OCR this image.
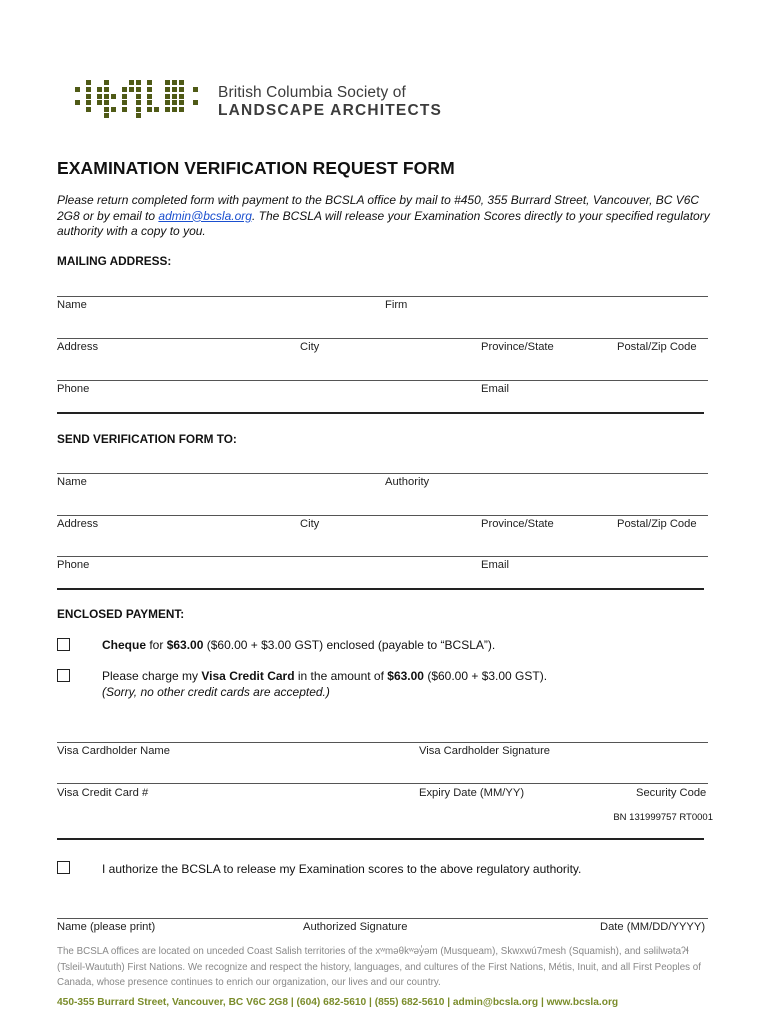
British Columbia Society of
LANDSCAPE ARCHITECTS
EXAMINATION VERIFICATION REQUEST FORM
Please return completed form with payment to the BCSLA office by mail to #450, 355 Burrard Street, Vancouver, BC V6C 2G8 or by email to admin@bcsla.org. The BCSLA will release your Examination Scores directly to your specified regulatory authority with a copy to you.
MAILING ADDRESS:
Name	Firm
Address	City	Province/State	Postal/Zip Code
Phone	Email
SEND VERIFICATION FORM TO:
Name	Authority
Address	City	Province/State	Postal/Zip Code
Phone	Email
ENCLOSED PAYMENT:
Cheque for $63.00 ($60.00 + $3.00 GST) enclosed (payable to “BCSLA”).
Please charge my Visa Credit Card in the amount of $63.00 ($60.00 + $3.00 GST).
(Sorry, no other credit cards are accepted.)
Visa Cardholder Name	Visa Cardholder Signature
Visa Credit Card #	Expiry Date (MM/YY)	Security Code
BN 131999757 RT0001
I authorize the BCSLA to release my Examination scores to the above regulatory authority.
Name (please print)	Authorized Signature	Date (MM/DD/YYYY)
The BCSLA offices are located on unceded Coast Salish territories of the xʷməθkʷəy̓əm (Musqueam), Skwxwú7mesh (Squamish), and səlilwətaʔɬ (Tsleil-Waututh) First Nations. We recognize and respect the history, languages, and cultures of the First Nations, Métis, Inuit, and all First Peoples of Canada, whose presence continues to enrich our organization, our lives and our country.
450-355 Burrard Street, Vancouver, BC V6C 2G8 | (604) 682-5610 | (855) 682-5610 | admin@bcsla.org | www.bcsla.org
